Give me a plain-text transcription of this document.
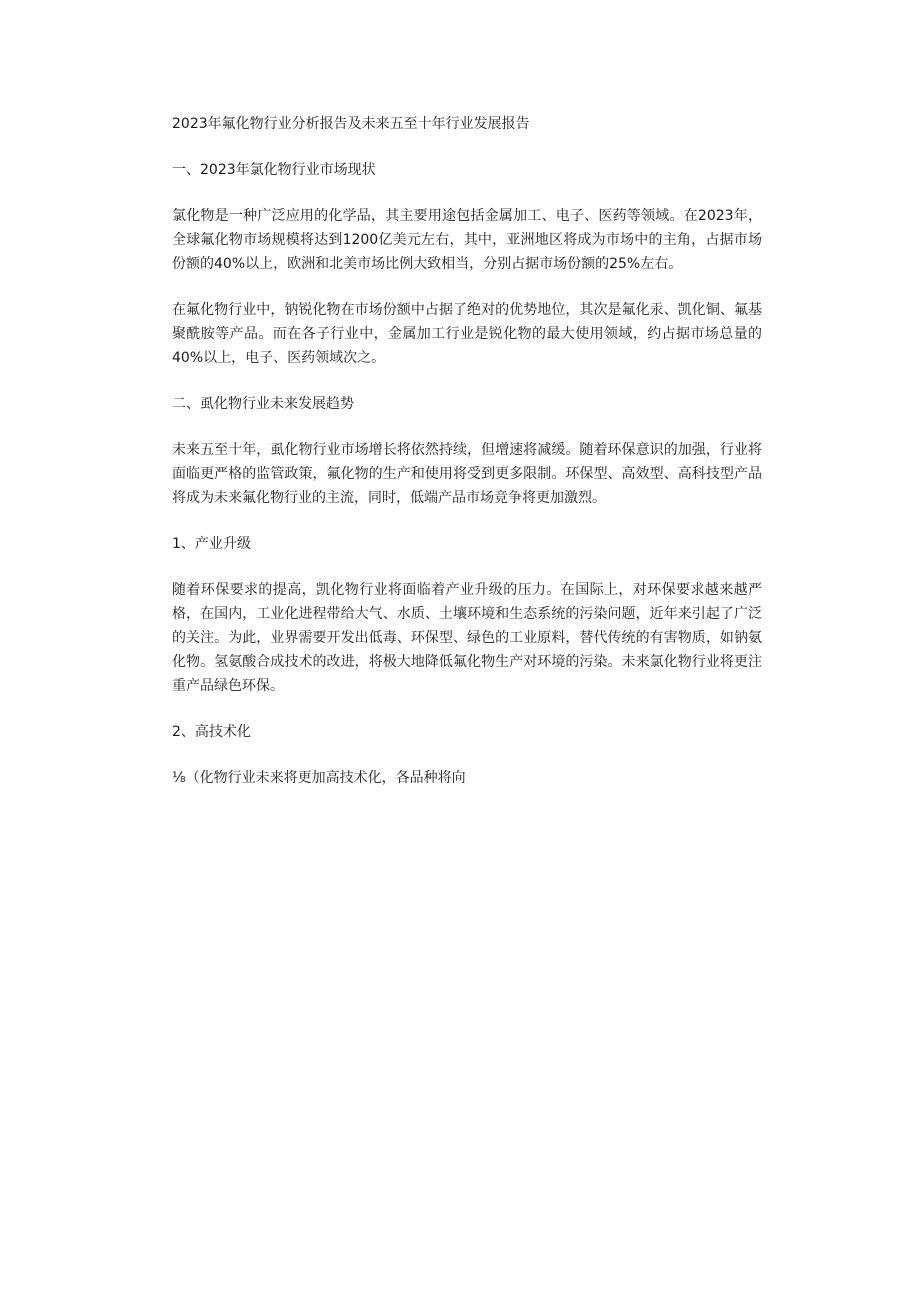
2023年氟化物行业分析报告及未来五至十年行业发展报告

一、2023年氯化物行业市场现状

氯化物是一种广泛应用的化学品，其主要用途包括金属加工、电子、医药等领域。在2023年，全球氟化物市场规模将达到1200亿美元左右，其中，亚洲地区将成为市场中的主角，占据市场份额的40%以上，欧洲和北美市场比例大致相当，分别占据市场份额的25%左右。

在氟化物行业中，钠锐化物在市场份额中占据了绝对的优势地位，其次是氟化汞、凯化铜、氟基聚酰胺等产品。而在各子行业中，金属加工行业是锐化物的最大使用领域，约占据市场总量的40%以上，电子、医药领域次之。

二、虱化物行业未来发展趋势

未来五至十年，虱化物行业市场增长将依然持续，但增速将减缓。随着环保意识的加强，行业将面临更严格的监管政策，氟化物的生产和使用将受到更多限制。环保型、高效型、高科技型产品将成为未来氟化物行业的主流，同时，低端产品市场竞争将更加激烈。

1、产业升级

随着环保要求的提高，凯化物行业将面临着产业升级的压力。在国际上，对环保要求越来越严格，在国内，工业化进程带给大气、水质、土壤环境和生态系统的污染问题，近年来引起了广泛的关注。为此，业界需要开发出低毒、环保型、绿色的工业原料，替代传统的有害物质，如钠氨化物。氢氨酸合成技术的改进，将极大地降低氟化物生产对环境的污染。未来氯化物行业将更注重产品绿色环保。

2、高技术化

⅛（化物行业未来将更加高技术化，各品种将向
